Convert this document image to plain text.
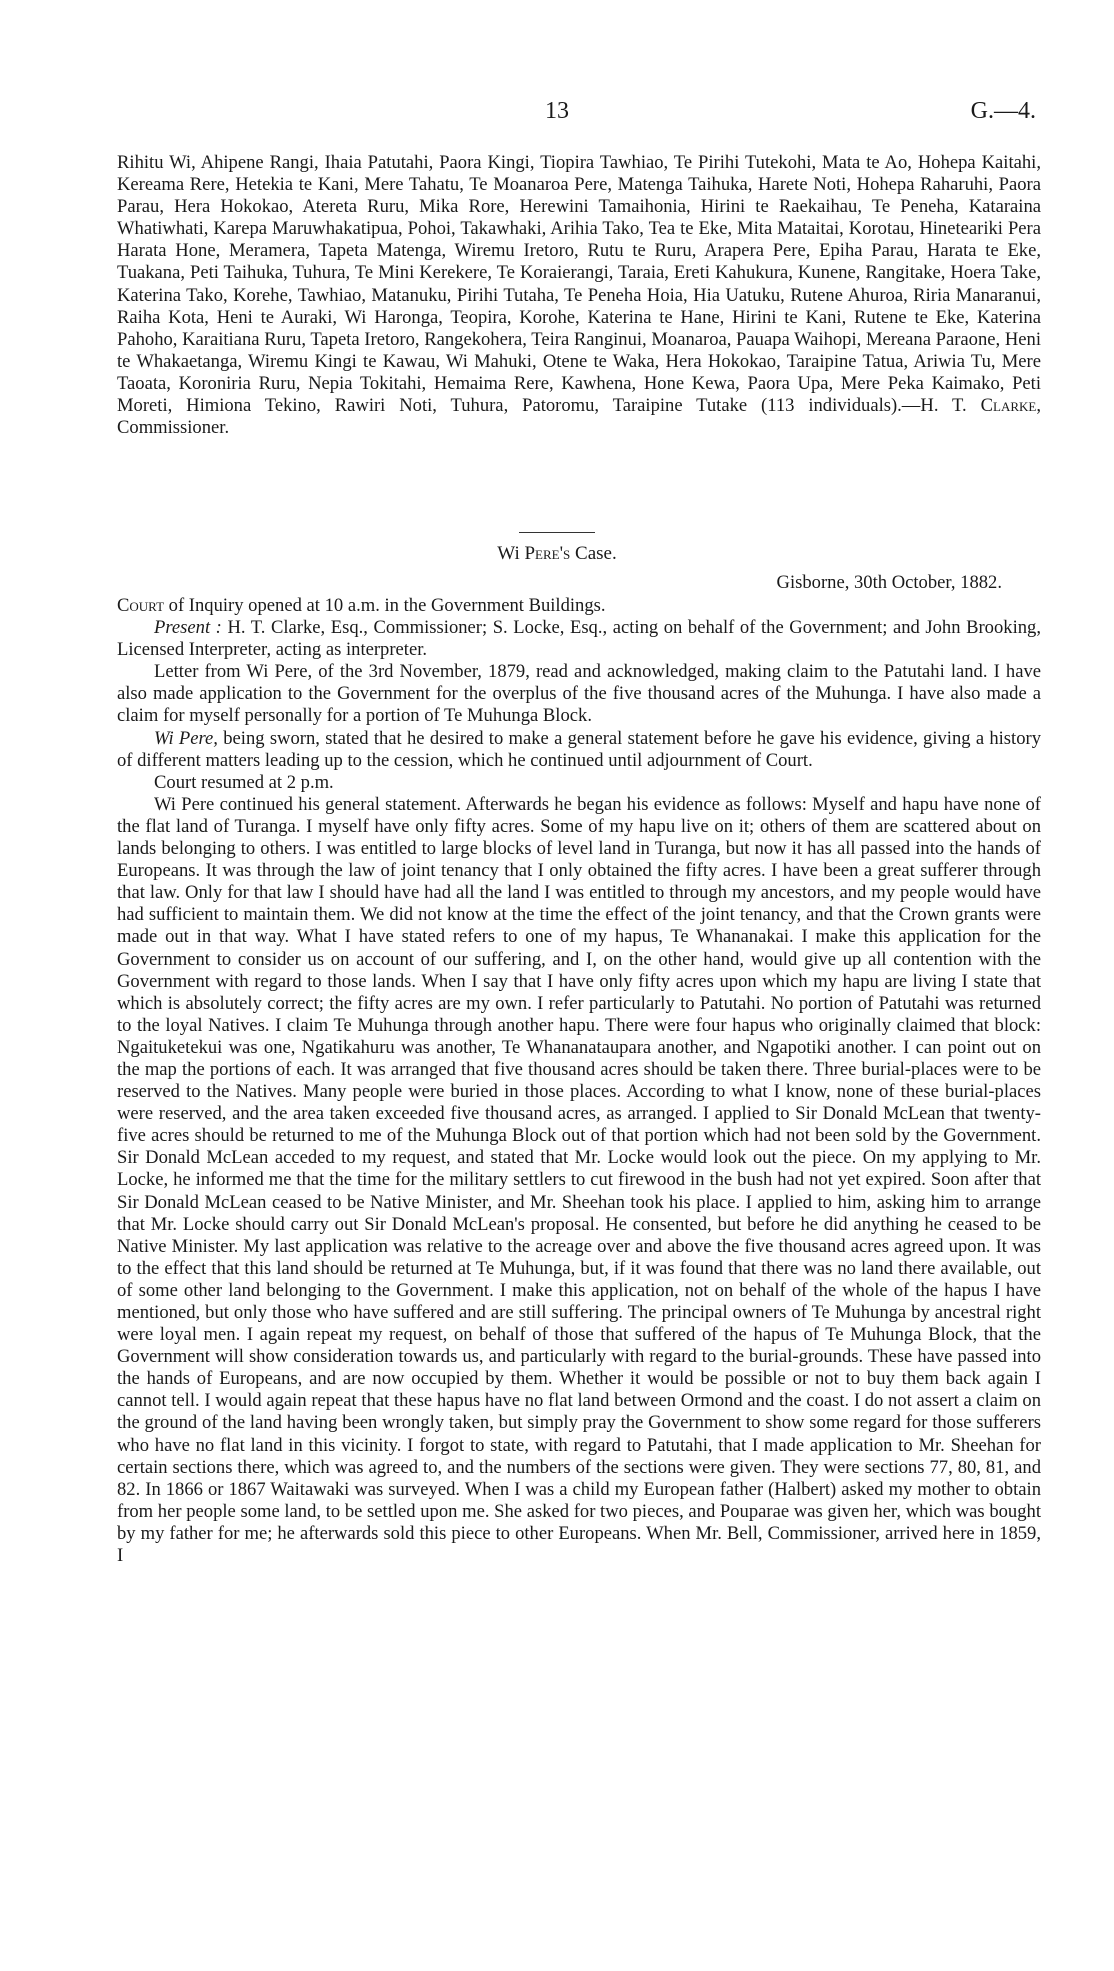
13	G.—4.

Rihitu Wi, Ahipene Rangi, Ihaia Patutahi, Paora Kingi, Tiopira Tawhiao, Te Pirihi Tutekohi, Mata te Ao, Hohepa Kaitahi, Kereama Rere, Hetekia te Kani, Mere Tahatu, Te Moanaroa Pere, Matenga Taihuka, Harete Noti, Hohepa Raharuhi, Paora Parau, Hera Hokokao, Atereta Ruru, Mika Rore, Herewini Tamaihonia, Hirini te Raekaihau, Te Peneha, Kataraina Whatiwhati, Karepa Maruwhakatipua, Pohoi, Takawhaki, Arihia Tako, Tea te Eke, Mita Mataitai, Korotau, Hineteariki Pera Harata Hone, Meramera, Tapeta Matenga, Wiremu Iretoro, Rutu te Ruru, Arapera Pere, Epiha Parau, Harata te Eke, Tuakana, Peti Taihuka, Tuhura, Te Mini Kerekere, Te Koraierangi, Taraia, Ereti Kahukura, Kunene, Rangitake, Hoera Take, Katerina Tako, Korehe, Tawhiao, Matanuku, Pirihi Tutaha, Te Peneha Hoia, Hia Uatuku, Rutene Ahuroa, Riria Manaranui, Raiha Kota, Heni te Auraki, Wi Haronga, Teopira, Korohe, Katerina te Hane, Hirini te Kani, Rutene te Eke, Katerina Pahoho, Karaitiana Ruru, Tapeta Iretoro, Rangekohera, Teira Ranginui, Moanaroa, Pauapa Waihopi, Mereana Paraone, Heni te Whakaetanga, Wiremu Kingi te Kawau, Wi Mahuki, Otene te Waka, Hera Hokokao, Taraipine Tatua, Ariwia Tu, Mere Taoata, Koroniria Ruru, Nepia Tokitahi, Hemaima Rere, Kawhena, Hone Kewa, Paora Upa, Mere Peka Kaimako, Peti Moreti, Himiona Tekino, Rawiri Noti, Tuhura, Patoromu, Taraipine Tutake (113 individuals).—H. T. Clarke, Commissioner.

Wi Pere's Case.
Gisborne, 30th October, 1882.

Court of Inquiry opened at 10 a.m. in the Government Buildings.

Present : H. T. Clarke, Esq., Commissioner; S. Locke, Esq., acting on behalf of the Government; and John Brooking, Licensed Interpreter, acting as interpreter.

Letter from Wi Pere, of the 3rd November, 1879, read and acknowledged, making claim to the Patutahi land. I have also made application to the Government for the overplus of the five thousand acres of the Muhunga. I have also made a claim for myself personally for a portion of Te Muhunga Block.

Wi Pere, being sworn, stated that he desired to make a general statement before he gave his evidence, giving a history of different matters leading up to the cession, which he continued until adjournment of Court.

Court resumed at 2 p.m.

Wi Pere continued his general statement. Afterwards he began his evidence as follows: Myself and hapu have none of the flat land of Turanga. I myself have only fifty acres. Some of my hapu live on it; others of them are scattered about on lands belonging to others. I was entitled to large blocks of level land in Turanga, but now it has all passed into the hands of Europeans. It was through the law of joint tenancy that I only obtained the fifty acres. I have been a great sufferer through that law. Only for that law I should have had all the land I was entitled to through my ancestors, and my people would have had sufficient to maintain them. We did not know at the time the effect of the joint tenancy, and that the Crown grants were made out in that way. What I have stated refers to one of my hapus, Te Whananakai. I make this application for the Government to consider us on account of our suffering, and I, on the other hand, would give up all contention with the Government with regard to those lands. When I say that I have only fifty acres upon which my hapu are living I state that which is absolutely correct; the fifty acres are my own. I refer particularly to Patutahi. No portion of Patutahi was returned to the loyal Natives. I claim Te Muhunga through another hapu. There were four hapus who originally claimed that block: Ngaituketekui was one, Ngatikahuru was another, Te Whananataupara another, and Ngapotiki another. I can point out on the map the portions of each. It was arranged that five thousand acres should be taken there. Three burial-places were to be reserved to the Natives. Many people were buried in those places. According to what I know, none of these burial-places were reserved, and the area taken exceeded five thousand acres, as arranged. I applied to Sir Donald McLean that twenty-five acres should be returned to me of the Muhunga Block out of that portion which had not been sold by the Government. Sir Donald McLean acceded to my request, and stated that Mr. Locke would look out the piece. On my applying to Mr. Locke, he informed me that the time for the military settlers to cut firewood in the bush had not yet expired. Soon after that Sir Donald McLean ceased to be Native Minister, and Mr. Sheehan took his place. I applied to him, asking him to arrange that Mr. Locke should carry out Sir Donald McLean's proposal. He consented, but before he did anything he ceased to be Native Minister. My last application was relative to the acreage over and above the five thousand acres agreed upon. It was to the effect that this land should be returned at Te Muhunga, but, if it was found that there was no land there available, out of some other land belonging to the Government. I make this application, not on behalf of the whole of the hapus I have mentioned, but only those who have suffered and are still suffering. The principal owners of Te Muhunga by ancestral right were loyal men. I again repeat my request, on behalf of those that suffered of the hapus of Te Muhunga Block, that the Government will show consideration towards us, and particularly with regard to the burial-grounds. These have passed into the hands of Europeans, and are now occupied by them. Whether it would be possible or not to buy them back again I cannot tell. I would again repeat that these hapus have no flat land between Ormond and the coast. I do not assert a claim on the ground of the land having been wrongly taken, but simply pray the Government to show some regard for those sufferers who have no flat land in this vicinity. I forgot to state, with regard to Patutahi, that I made application to Mr. Sheehan for certain sections there, which was agreed to, and the numbers of the sections were given. They were sections 77, 80, 81, and 82. In 1866 or 1867 Waitawaki was surveyed. When I was a child my European father (Halbert) asked my mother to obtain from her people some land, to be settled upon me. She asked for two pieces, and Pouparae was given her, which was bought by my father for me; he afterwards sold this piece to other Europeans. When Mr. Bell, Commissioner, arrived here in 1859, I
